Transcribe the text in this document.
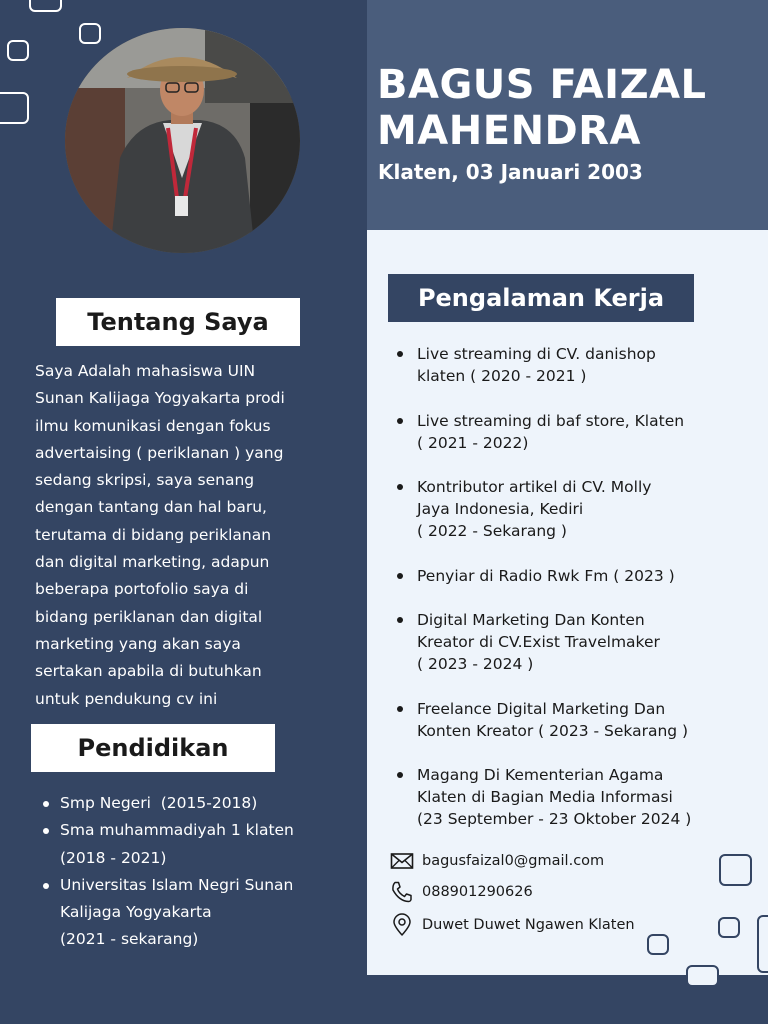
BAGUS FAIZAL
MAHENDRA
Klaten, 03 Januari 2003
Tentang Saya
Saya Adalah mahasiswa UIN
Sunan Kalijaga Yogyakarta prodi
ilmu komunikasi dengan fokus
advertaising ( periklanan ) yang
sedang skripsi, saya senang
dengan tantang dan hal baru,
terutama di bidang periklanan
dan digital marketing, adapun
beberapa portofolio saya di
bidang periklanan dan digital
marketing yang akan saya
sertakan apabila di butuhkan
untuk pendukung cv ini
Pendidikan
Smp Negeri  (2015-2018)
Sma muhammadiyah 1 klaten
(2018 - 2021)
Universitas Islam Negri Sunan
Kalijaga Yogyakarta
(2021 - sekarang)
Pengalaman Kerja
Live streaming di CV. danishop
klaten ( 2020 - 2021 )
Live streaming di baf store, Klaten
( 2021 - 2022)
Kontributor artikel di CV. Molly
Jaya Indonesia, Kediri
( 2022 - Sekarang )
Penyiar di Radio Rwk Fm ( 2023 )
Digital Marketing Dan Konten
Kreator di CV.Exist Travelmaker
( 2023 - 2024 )
Freelance Digital Marketing Dan
Konten Kreator ( 2023 - Sekarang )
Magang Di Kementerian Agama
Klaten di Bagian Media Informasi
(23 September - 23 Oktober 2024 )
bagusfaizal0@gmail.com
088901290626
Duwet Duwet Ngawen Klaten
